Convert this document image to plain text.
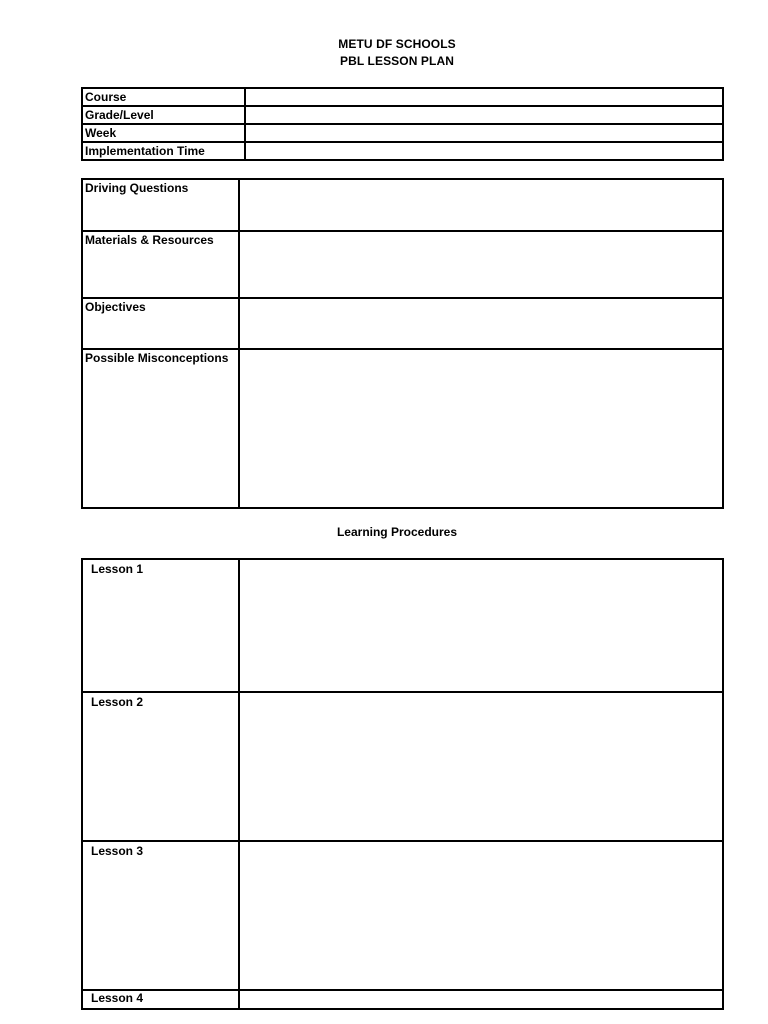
METU DF SCHOOLS
PBL LESSON PLAN
Course	
Grade/Level	
Week	
Implementation Time	
Driving Questions	
Materials & Resources	
Objectives	
Possible Misconceptions	
Learning Procedures
Lesson 1	
Lesson 2	
Lesson 3	
Lesson 4	
